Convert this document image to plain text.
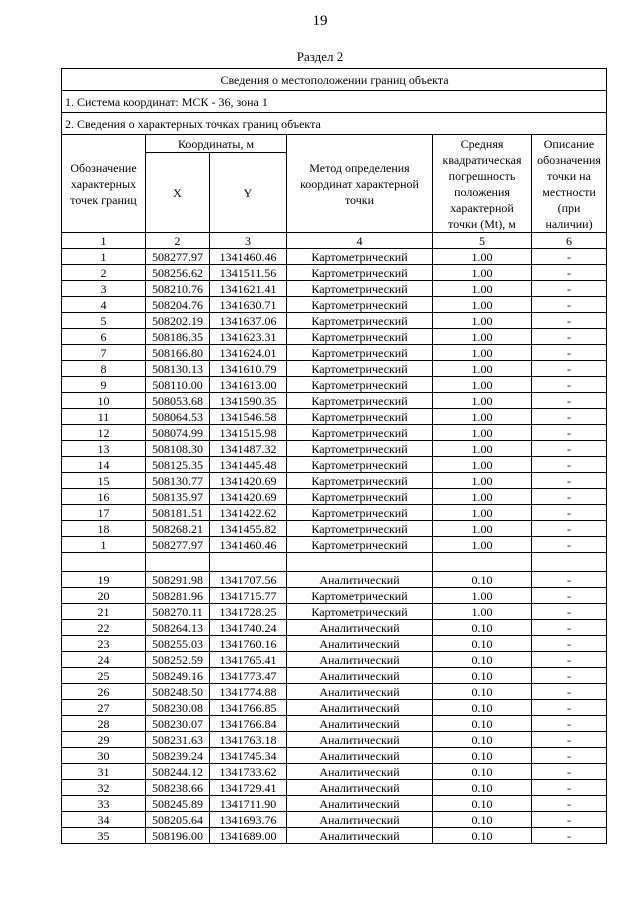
19
Раздел 2
Сведения о местоположении границ объекта					
1. Система координат: МСК - 36, зона 1					
2. Сведения о характерных точках границ объекта					
Обозначение характерных точек границ	Координаты, м		Метод определения координат характерной точки	Средняя квадратическая погрешность положения характерной точки (Mt), м	Описание обозначения точки на местности (при наличии)
	X	Y			
1	2	3	4	5	6
1	508277.97	1341460.46	Картометрический	1.00	-
2	508256.62	1341511.56	Картометрический	1.00	-
3	508210.76	1341621.41	Картометрический	1.00	-
4	508204.76	1341630.71	Картометрический	1.00	-
5	508202.19	1341637.06	Картометрический	1.00	-
6	508186.35	1341623.31	Картометрический	1.00	-
7	508166.80	1341624.01	Картометрический	1.00	-
8	508130.13	1341610.79	Картометрический	1.00	-
9	508110.00	1341613.00	Картометрический	1.00	-
10	508053.68	1341590.35	Картометрический	1.00	-
11	508064.53	1341546.58	Картометрический	1.00	-
12	508074.99	1341515.98	Картометрический	1.00	-
13	508108.30	1341487.32	Картометрический	1.00	-
14	508125.35	1341445.48	Картометрический	1.00	-
15	508130.77	1341420.69	Картометрический	1.00	-
16	508135.97	1341420.69	Картометрический	1.00	-
17	508181.51	1341422.62	Картометрический	1.00	-
18	508268.21	1341455.82	Картометрический	1.00	-
1	508277.97	1341460.46	Картометрический	1.00	-

19	508291.98	1341707.56	Аналитический	0.10	-
20	508281.96	1341715.77	Картометрический	1.00	-
21	508270.11	1341728.25	Картометрический	1.00	-
22	508264.13	1341740.24	Аналитический	0.10	-
23	508255.03	1341760.16	Аналитический	0.10	-
24	508252.59	1341765.41	Аналитический	0.10	-
25	508249.16	1341773.47	Аналитический	0.10	-
26	508248.50	1341774.88	Аналитический	0.10	-
27	508230.08	1341766.85	Аналитический	0.10	-
28	508230.07	1341766.84	Аналитический	0.10	-
29	508231.63	1341763.18	Аналитический	0.10	-
30	508239.24	1341745.34	Аналитический	0.10	-
31	508244.12	1341733.62	Аналитический	0.10	-
32	508238.66	1341729.41	Аналитический	0.10	-
33	508245.89	1341711.90	Аналитический	0.10	-
34	508205.64	1341693.76	Аналитический	0.10	-
35	508196.00	1341689.00	Аналитический	0.10	-
